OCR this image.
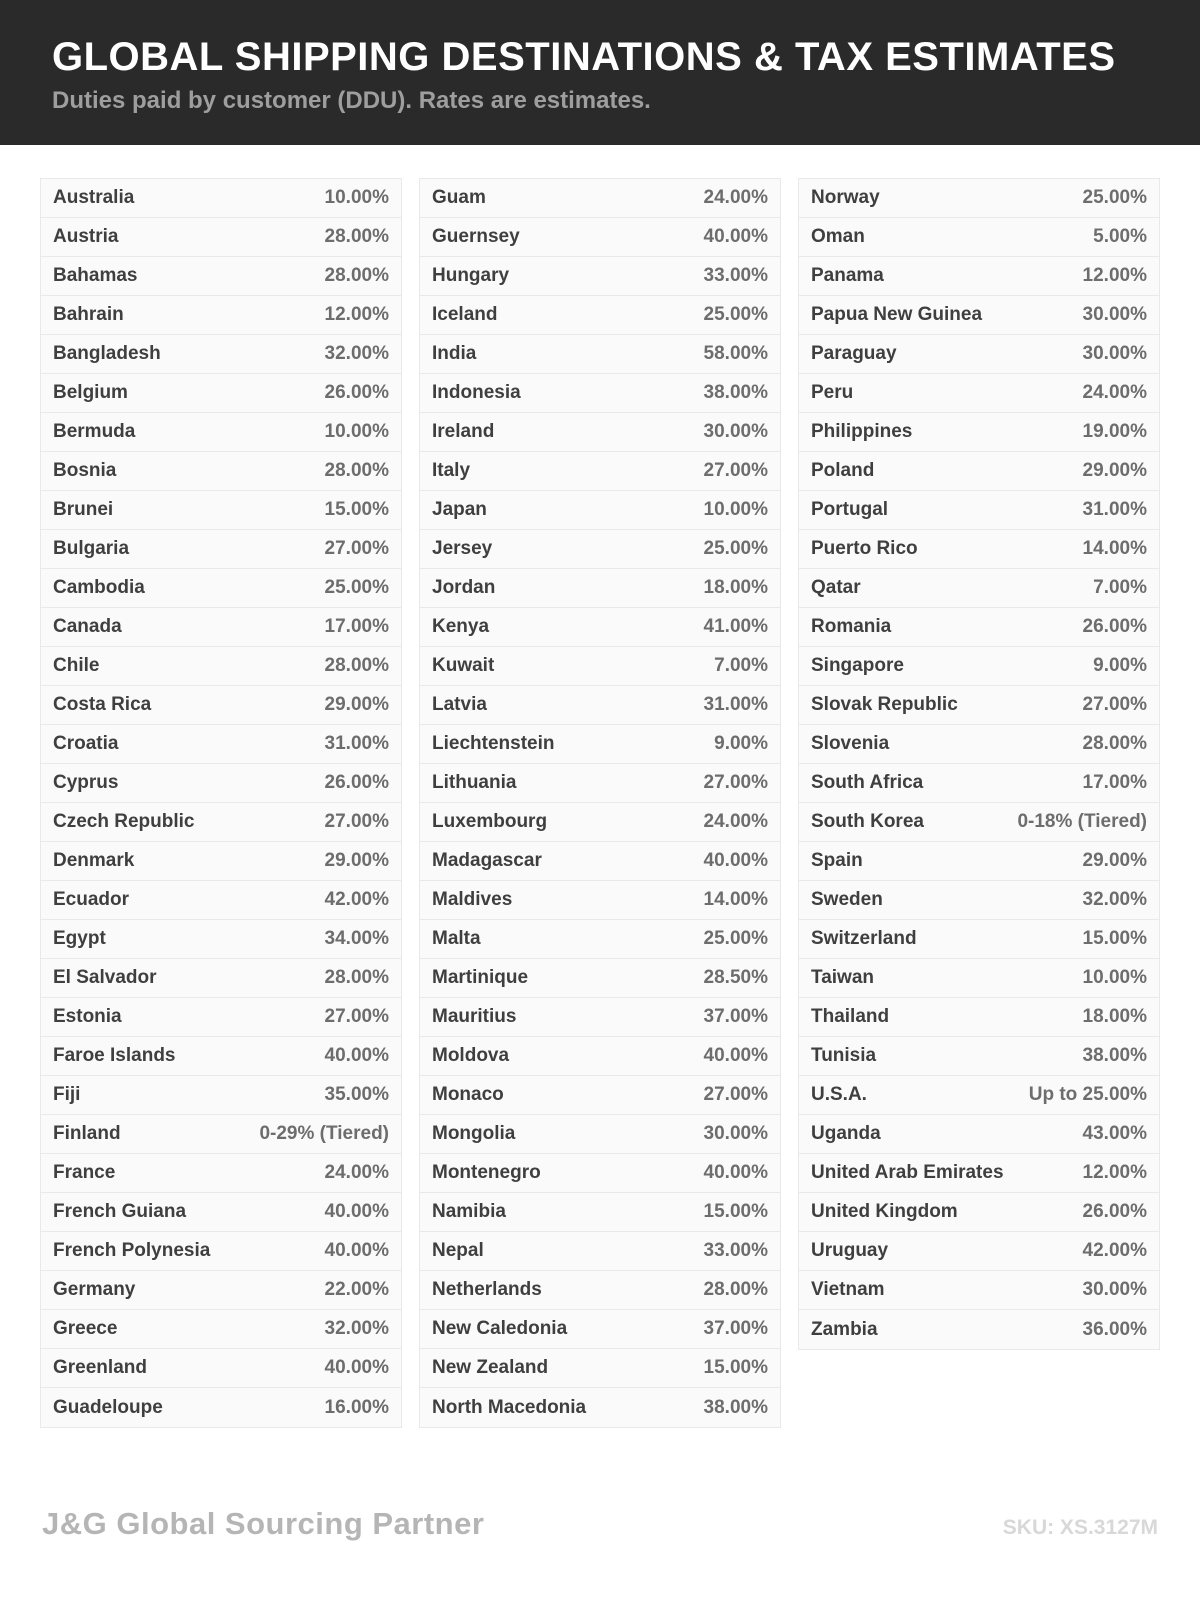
GLOBAL SHIPPING DESTINATIONS & TAX ESTIMATES
Duties paid by customer (DDU). Rates are estimates.
Australia	10.00%
Austria	28.00%
Bahamas	28.00%
Bahrain	12.00%
Bangladesh	32.00%
Belgium	26.00%
Bermuda	10.00%
Bosnia	28.00%
Brunei	15.00%
Bulgaria	27.00%
Cambodia	25.00%
Canada	17.00%
Chile	28.00%
Costa Rica	29.00%
Croatia	31.00%
Cyprus	26.00%
Czech Republic	27.00%
Denmark	29.00%
Ecuador	42.00%
Egypt	34.00%
El Salvador	28.00%
Estonia	27.00%
Faroe Islands	40.00%
Fiji	35.00%
Finland	0-29% (Tiered)
France	24.00%
French Guiana	40.00%
French Polynesia	40.00%
Germany	22.00%
Greece	32.00%
Greenland	40.00%
Guadeloupe	16.00%
Guam	24.00%
Guernsey	40.00%
Hungary	33.00%
Iceland	25.00%
India	58.00%
Indonesia	38.00%
Ireland	30.00%
Italy	27.00%
Japan	10.00%
Jersey	25.00%
Jordan	18.00%
Kenya	41.00%
Kuwait	7.00%
Latvia	31.00%
Liechtenstein	9.00%
Lithuania	27.00%
Luxembourg	24.00%
Madagascar	40.00%
Maldives	14.00%
Malta	25.00%
Martinique	28.50%
Mauritius	37.00%
Moldova	40.00%
Monaco	27.00%
Mongolia	30.00%
Montenegro	40.00%
Namibia	15.00%
Nepal	33.00%
Netherlands	28.00%
New Caledonia	37.00%
New Zealand	15.00%
North Macedonia	38.00%
Norway	25.00%
Oman	5.00%
Panama	12.00%
Papua New Guinea	30.00%
Paraguay	30.00%
Peru	24.00%
Philippines	19.00%
Poland	29.00%
Portugal	31.00%
Puerto Rico	14.00%
Qatar	7.00%
Romania	26.00%
Singapore	9.00%
Slovak Republic	27.00%
Slovenia	28.00%
South Africa	17.00%
South Korea	0-18% (Tiered)
Spain	29.00%
Sweden	32.00%
Switzerland	15.00%
Taiwan	10.00%
Thailand	18.00%
Tunisia	38.00%
U.S.A.	Up to 25.00%
Uganda	43.00%
United Arab Emirates	12.00%
United Kingdom	26.00%
Uruguay	42.00%
Vietnam	30.00%
Zambia	36.00%
J&G Global Sourcing Partner	SKU: XS.3127M
